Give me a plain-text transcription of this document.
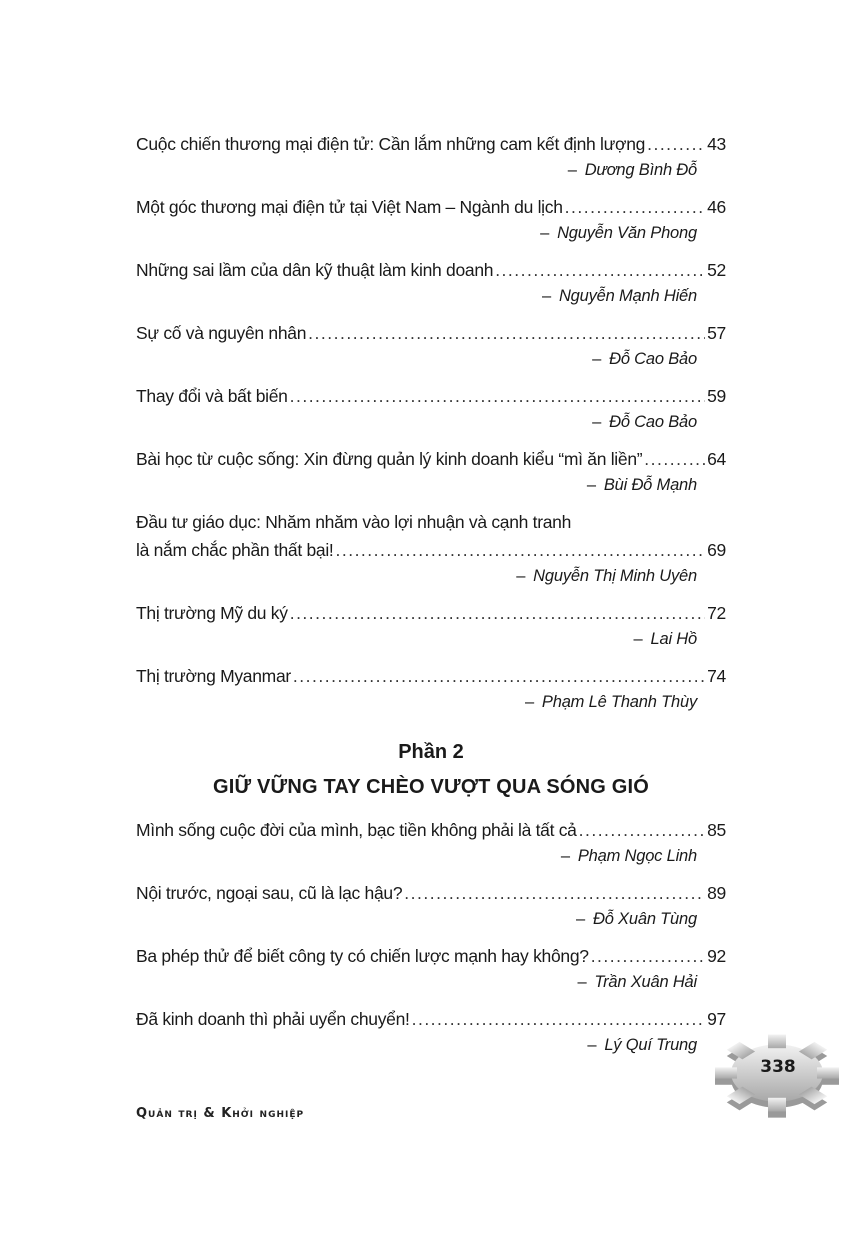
Cuộc chiến thương mại điện tử: Cần lắm những cam kết định lượng .....	43
– Dương Bình Đỗ
Một góc thương mại điện tử tại Việt Nam – Ngành du lịch .....	46
– Nguyễn Văn Phong
Những sai lầm của dân kỹ thuật làm kinh doanh .....	52
– Nguyễn Mạnh Hiến
Sự cố và nguyên nhân .....	57
– Đỗ Cao Bảo
Thay đổi và bất biến .....	59
– Đỗ Cao Bảo
Bài học từ cuộc sống: Xin đừng quản lý kinh doanh kiểu “mì ăn liền” .....	64
– Bùi Đỗ Mạnh
Đầu tư giáo dục: Nhăm nhăm vào lợi nhuận và cạnh tranh
là nắm chắc phần thất bại! .....	69
– Nguyễn Thị Minh Uyên
Thị trường Mỹ du ký .....	72
– Lai Hồ
Thị trường Myanmar .....	74
– Phạm Lê Thanh Thùy
Phần 2
GIỮ VỮNG TAY CHÈO VƯỢT QUA SÓNG GIÓ
Mình sống cuộc đời của mình, bạc tiền không phải là tất cả .....	85
– Phạm Ngọc Linh
Nội trước, ngoại sau, cũ là lạc hậu? .....	89
– Đỗ Xuân Tùng
Ba phép thử để biết công ty có chiến lược mạnh hay không? .....	92
– Trần Xuân Hải
Đã kinh doanh thì phải uyển chuyển! .....	97
– Lý Quí Trung
338
Quản trị & Khởi nghiệp
